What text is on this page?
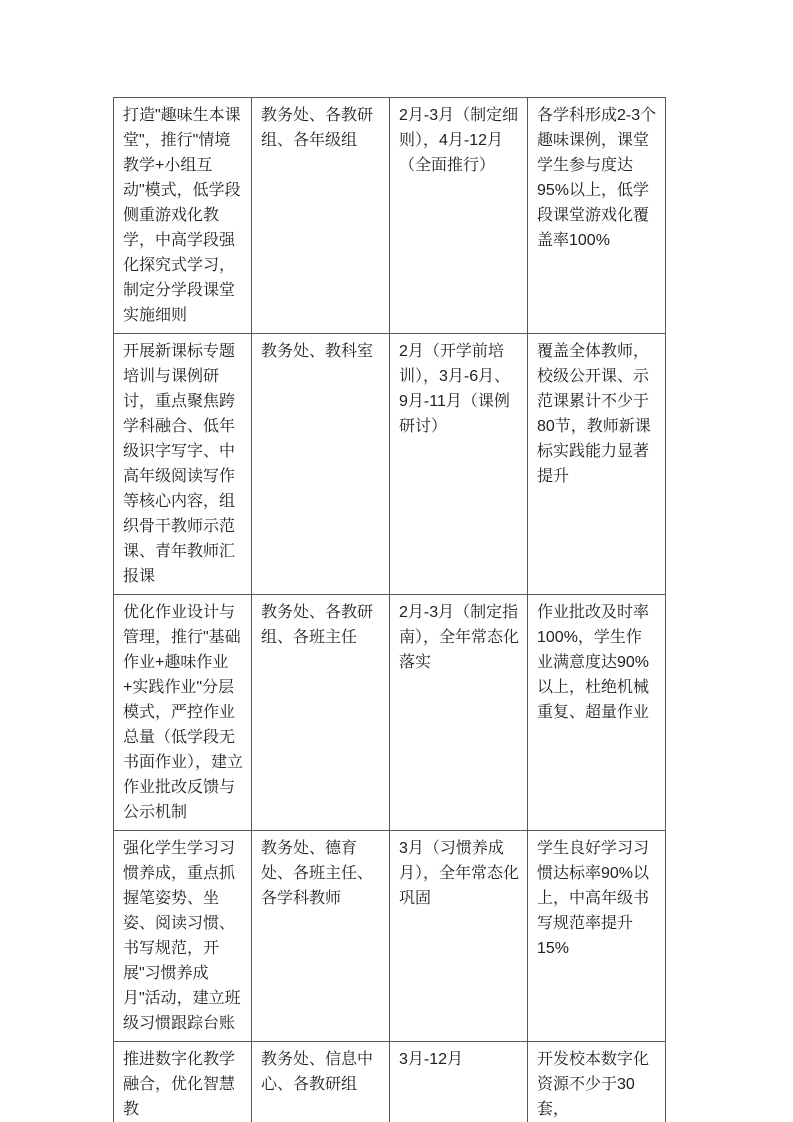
打造"趣味生本课堂"，推行"情境教学+小组互动"模式，低学段侧重游戏化教学，中高学段强化探究式学习，制定分学段课堂实施细则	教务处、各教研组、各年级组	2月-3月（制定细则），4月-12月（全面推行）	各学科形成2-3个趣味课例，课堂学生参与度达95%以上，低学段课堂游戏化覆盖率100%
开展新课标专题培训与课例研讨，重点聚焦跨学科融合、低年级识字写字、中高年级阅读写作等核心内容，组织骨干教师示范课、青年教师汇报课	教务处、教科室	2月（开学前培训），3月-6月、9月-11月（课例研讨）	覆盖全体教师，校级公开课、示范课累计不少于80节，教师新课标实践能力显著提升
优化作业设计与管理，推行"基础作业+趣味作业+实践作业"分层模式，严控作业总量（低学段无书面作业），建立作业批改反馈与公示机制	教务处、各教研组、各班主任	2月-3月（制定指南），全年常态化落实	作业批改及时率100%，学生作业满意度达90%以上，杜绝机械重复、超量作业
强化学生学习习惯养成，重点抓握笔姿势、坐姿、阅读习惯、书写规范，开展"习惯养成月"活动，建立班级习惯跟踪台账	教务处、德育处、各班主任、各学科教师	3月（习惯养成月），全年常态化巩固	学生良好学习习惯达标率90%以上，中高年级书写规范率提升15%
推进数字化教学融合，优化智慧教	教务处、信息中心、各教研组	3月-12月	开发校本数字化资源不少于30套，
